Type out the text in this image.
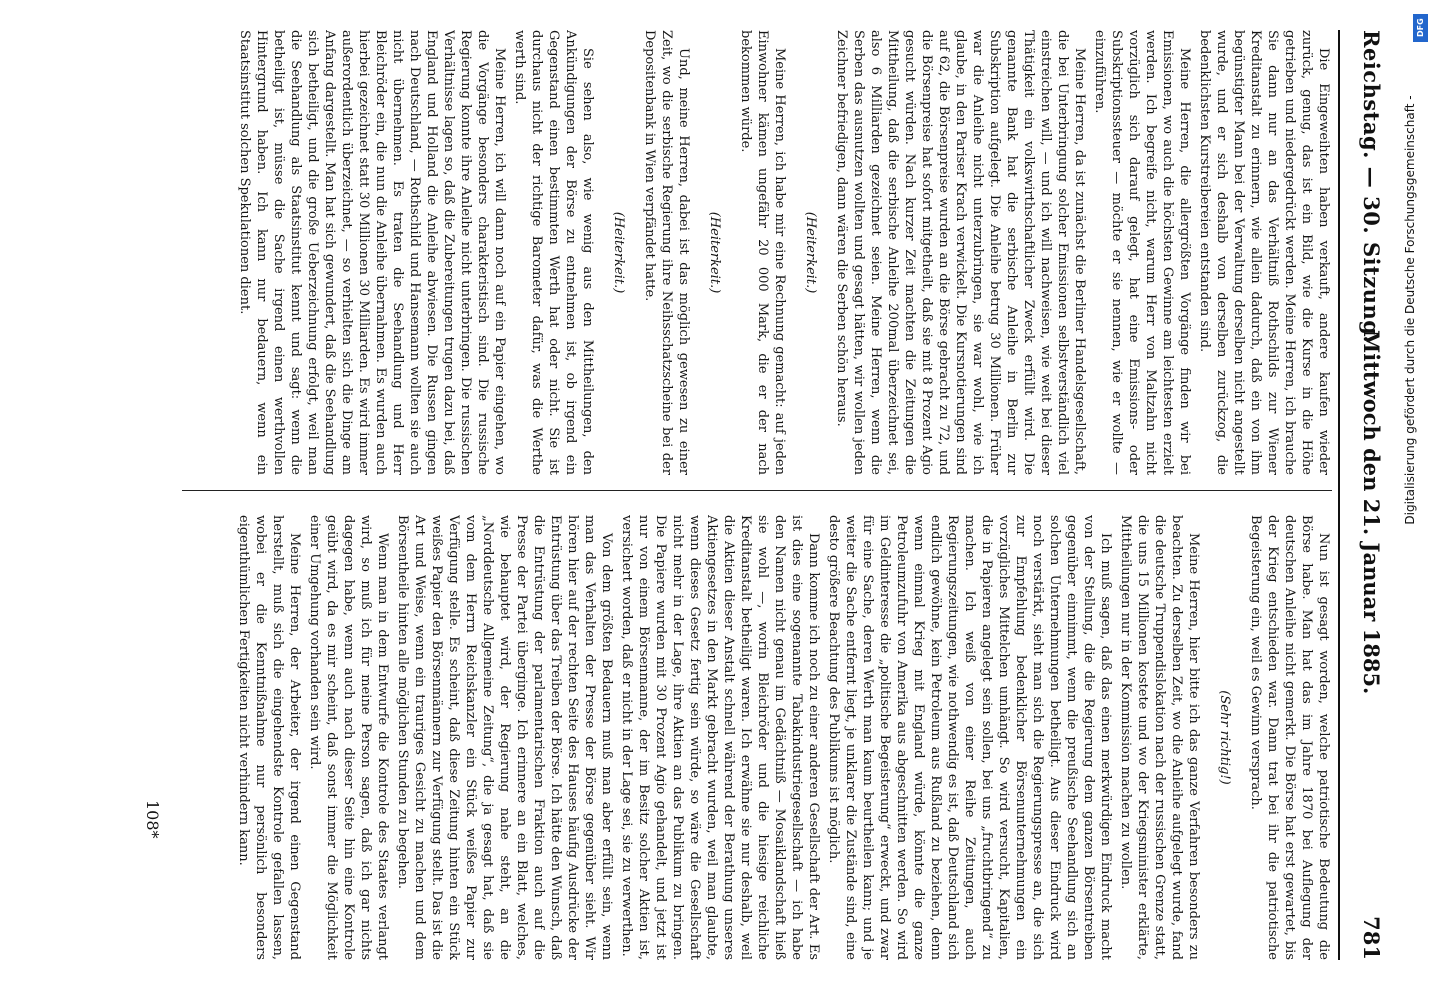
Reichstag. — 30. Sitzung.
Mittwoch den 21. Januar 1885.
781

Die Eingeweihten haben verkauft, andere kaufen wieder zurück, genug, das ist ein Bild, wie die Kurse in die Höhe getrieben und niedergedrückt werden. Meine Herren, ich brauche Sie dann nur an das Verhältniß Rothschilds zur Wiener Kreditanstalt zu erinnern, wie allein dadurch, daß ein von ihm begünstigter Mann bei der Verwaltung derselben nicht angestellt wurde, und er sich deshalb von derselben zurückzog, die bedenklichsten Kurstreibereien entstanden sind.

Meine Herren, die allergrößten Vorgänge finden wir bei Emissionen, wo auch die höchsten Gewinne am leichtesten erzielt werden. Ich begreife nicht, warum Herr von Maltzahn nicht vorzüglich sich darauf gelegt, hat eine Emissions- oder Subskriptionssteuer — möchte er sie nennen, wie er wollte — einzuführen.

Meine Herren, da ist zunächst die Berliner Handelsgesellschaft, die bei Unterbringung solcher Emissionen selbstverständlich viel einstreichen will, — und ich will nachweisen, wie weit bei dieser Thätigkeit ein volkswirthschaftlicher Zweck erfüllt wird. Die genannte Bank hat die serbische Anleihe in Berlin zur Subskription aufgelegt. Die Anleihe betrug 30 Millionen. Früher war die Anleihe nicht unterzubringen, sie war wohl, wie ich glaube, in den Pariser Krach verwickelt. Die Kursnotierungen sind auf 62, die Börsenpreise wurden an die Börse gebracht zu 72, und die Börsenpreise hat sofort mitgetheilt, daß sie mit 8 Prozent Agio gesucht würden. Nach kurzer Zeit machten die Zeitungen die Mittheilung, daß die serbische Anleihe 200mal überzeichnet sei, also 6 Milliarden gezeichnet seien. Meine Herren, wenn die Serben das ausnutzen wollten und gesagt hätten, wir wollen jeden Zeichner befriedigen, dann wären die Serben schön heraus.

(Heiterkeit.)

Meine Herren, ich habe mir eine Rechnung gemacht: auf jeden Einwohner kämen ungefähr 20 000 Mark, die er der nach bekommen würde.

(Heiterkeit.)

Und, meine Herren, dabei ist das möglich gewesen zu einer Zeit, wo die serbische Regierung ihre Neihsschatzscheine bei der Depositenbank in Wien verpfändet hatte.

(Heiterkeit.)

Sie sehen also, wie wenig aus den Mittheilungen, den Ankündigungen der Börse zu entnehmen ist, ob irgend ein Gegenstand einen bestimmten Werth hat oder nicht. Sie ist durchaus nicht der richtige Barometer dafür, was die Werthe werth sind.

Meine Herren, ich will dann noch auf ein Papier eingehen, wo die Vorgänge besonders charakteristisch sind. Die russische Regierung konnte ihre Anleihe nicht unterbringen. Die russischen Verhältnisse lagen so, daß die Zubereitungen trugen dazu bei, daß England und Holland die Anleihe abwiesen. Die Russen gingen nach Deutschland, — Rothschild und Hansemann wollten sie auch nicht übernehmen. Es traten die Seehandlung und Herr Bleichröder ein, die nun die Anleihe übernahmen. Es wurden auch hierbei gezeichnet statt 30 Millionen 30 Milliarden. Es wird immer außerordentlich überzeichnet, — so verhielten sich die Dinge am Anfang dargestellt. Man hat sich gewundert, daß die Seehandlung sich betheiligt, und die große Ueberzeichnung erfolgt, weil man die Seehandlung als Staatsinstitut kennt und sagt: wenn die betheiligt ist, müsse die Sache irgend einen werthvollen Hintergrund haben. Ich kann nur bedauern, wenn ein Staatsinstitut solchen Spekulationen dient.

Nun ist gesagt worden, welche patriotische Bedeutung die Börse habe. Man hat das im Jahre 1870 bei Auflegung der deutschen Anleihe nicht gemerkt. Die Börse hat erst gewartet, bis der Krieg entschieden war. Dann trat bei ihr die patriotische Begeisterung ein, weil es Gewinn versprach.

(Sehr richtig!)

Meine Herren, hier bitte ich das ganze Verfahren besonders zu beachten. Zu derselben Zeit, wo die Anleihe aufgelegt wurde, fand die deutsche Truppendislokation nach der russischen Grenze statt, die uns 15 Millionen kostete und wo der Kriegsminister erklärte, Mittheilungen nur in der Kommission machen zu wollen.

Ich muß sagen, daß das einen merkwürdigen Eindruck macht von der Stellung, die die Regierung dem ganzen Börsentreiben gegenüber einnimmt, wenn die preußische Seehandlung sich an solchen Unternehmungen betheiligt. Aus dieser Eindruck wird noch verstärkt, sieht man sich die Regierungspresse an, die sich zur Empfehlung bedenklicher Börsenunternehmungen ein vorzügliches Mittelchen umhängt. So wird versucht, Kapitalien, die in Papieren angelegt sein sollen, bei uns „fruchtbringend“ zu machen. Ich weiß von einer Reihe Zeitungen, auch Regierungszeitungen, wie nothwendig es ist, daß Deutschland sich endlich gewöhne, kein Petroleum aus Rußland zu beziehen, denn wenn einmal Krieg mit England würde, könnte die ganze Petroleumzufuhr von Amerika aus abgeschnitten werden. So wird im Geldinteresse die „politische Begeisterung“ erweckt, und zwar für eine Sache, deren Werth man kaum beurtheilen kann; und je weiter die Sache entfernt liegt, je unklarer die Zustände sind, eine desto größere Beachtung des Publikums ist möglich.

Dann komme ich noch zu einer anderen Gesellschaft der Art. Es ist dies eine sogenannte Tabakindustriegesellschaft — ich habe den Namen nicht genau im Gedächtniß — Mosaiklandschaft hieß sie wohl —, worin Bleichröder und die hiesige reichliche Kreditanstalt betheiligt waren. Ich erwähne sie nur deshalb, weil die Aktien dieser Anstalt schnell während der Berathung unseres Aktiengesetzes in den Markt gebracht wurden, weil man glaubte, wenn dieses Gesetz fertig sein würde, so wäre die Gesellschaft nicht mehr in der Lage, ihre Aktien an das Publikum zu bringen. Die Papiere wurden mit 30 Prozent Agio gehandelt, und jetzt ist nur von einem Börsenmanne, der im Besitz solcher Aktien ist, versichert worden, daß er nicht in der Lage sei, sie zu verwerthen.

Von dem größten Bedauern muß man aber erfüllt sein, wenn man das Verhalten der Presse der Börse gegenüber sieht. Wir hören hier auf der rechten Seite des Hauses häufig Ausdrücke der Entrüstung über das Treiben der Börse. Ich hätte den Wunsch, daß die Entrüstung der parlamentarischen Fraktion auch auf die Presse der Partei überginge. Ich erinnere an ein Blatt, welches, wie behauptet wird, der Regierung nahe steht, an die „Norddeutsche Allgemeine Zeitung“, die ja gesagt hat, daß sie vom dem Herrn Reichskanzler ein Stück weißes Papier zur Verfügung stelle. Es scheint, daß diese Zeitung hinten ein Stück weißes Papier den Börsenmännern zur Verfügung stellt. Das ist die Art und Weise, wenn ein trauriges Gesicht zu machen und dem Börsentheile hinten alle möglichen Stunden zu begehen.

Wenn man in dem Entwurfe die Kontrole des Staates verlangt wird, so muß ich für meine Person sagen, daß ich gar nichts dagegen habe, wenn auch nach dieser Seite hin eine Kontrole geübt wird, da es mir scheint, daß sonst immer die Möglichkeit einer Umgehung vorhanden sein wird.

Meine Herren, der Arbeiter, der irgend einen Gegenstand herstellt, muß sich die eingehendste Kontrole gefallen lassen, wobei er die Kenntnißnahme nur persönlich besonders eigenthümlichen Fertigkeiten nicht verhindern kann.

108*
Digitalisierung gefördert durch die Deutsche Forschungsgemeinschaft -
DFG
